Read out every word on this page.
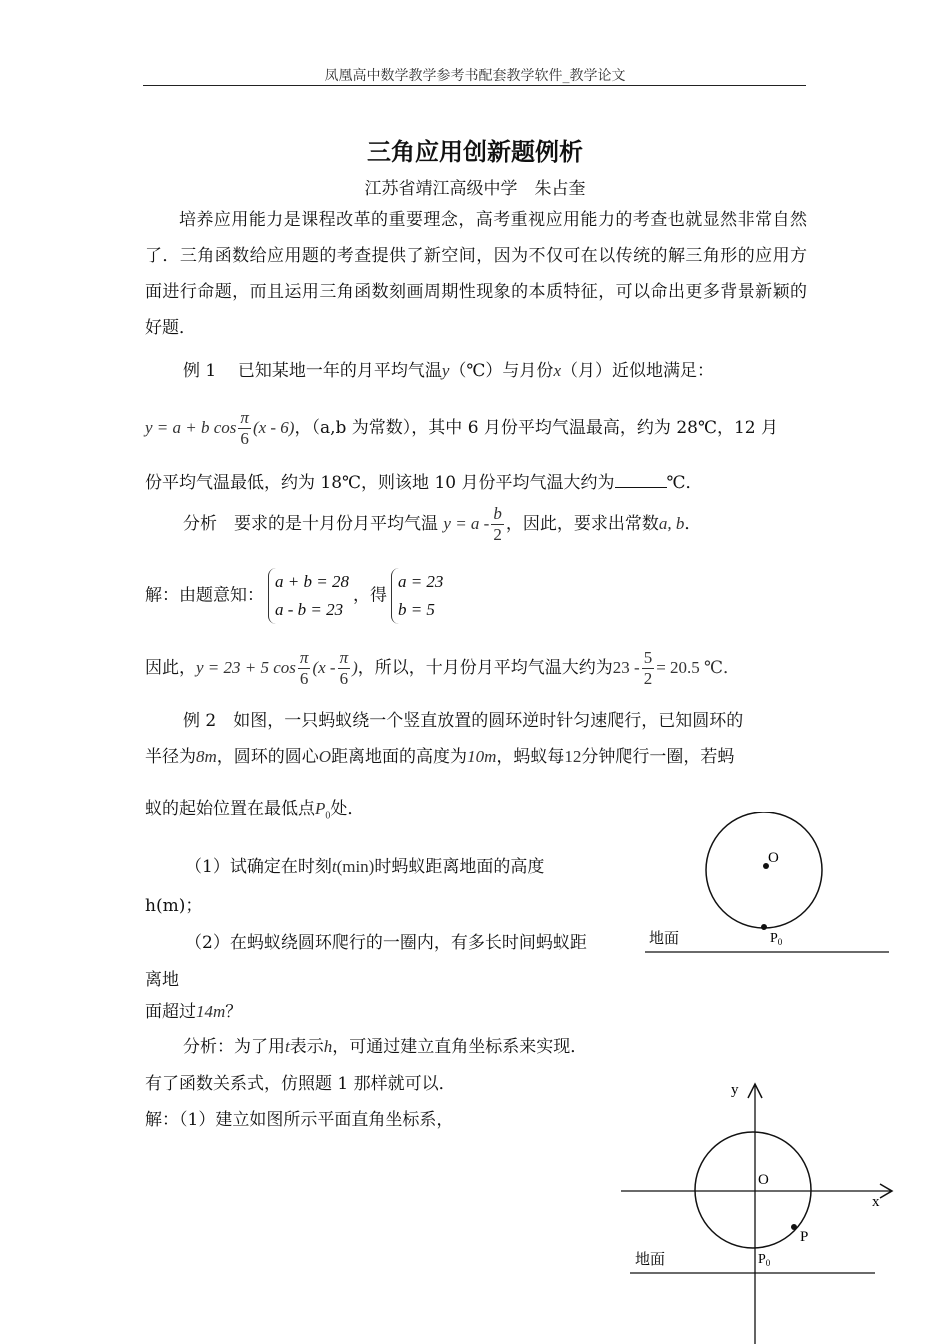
凤凰高中数学教学参考书配套教学软件_教学论文
三角应用创新题例析
江苏省靖江高级中学　朱占奎
培养应用能力是课程改革的重要理念，高考重视应用能力的考查也就显然非常自然了．三角函数给应用题的考查提供了新空间，因为不仅可在以传统的解三角形的应用方面进行命题，而且运用三角函数刻画周期性现象的本质特征，可以命出更多背景新颖的好题．
例 1 已知某地一年的月平均气温y（℃）与月份x（月）近似地满足：
y = a + b $\cos \frac{\pi}{6} (x - 6)$，（a,b 为常数），其中 6 月份平均气温最高，约为 28℃，12 月
份平均气温最低，约为 18℃，则该地 10 月份平均气温大约为	℃．
分析　要求的是十月份月平均气温 $y = a - \frac{b}{2}$ ，因此，要求出常数a, b．
解：由题意知：
a + b = 28
a - b = 23
，得
a = 23
b = 5
因此，y = 23 + 5 $\cos \frac{\pi}{6} (x - \frac{\pi}{6}$ )，所以，十月份月平均气温大约为$23 - \frac{5}{2} = 20.5$ ℃．
例 2　如图，一只蚂蚁绕一个竖直放置的圆环逆时针匀速爬行，已知圆环的
半径为8m，圆环的圆心O距离地面的高度为10m，蚂蚁每12分钟爬行一圈，若蚂
蚁的起始位置在最低点$P_0$处．
（1）试确定在时刻t(min)时蚂蚁距离地面的高度
h(m)；
（2）在蚂蚁绕圆环爬行的一圈内，有多长时间蚂蚁距
离地
面超过14m？
分析：为了用t表示h，可通过建立直角坐标系来实现．
有了函数关系式，仿照题 1 那样就可以．
解：（1）建立如图所示平面直角坐标系，
O
$P_0$
地面
y
x
O
P
$P_0$
地面
